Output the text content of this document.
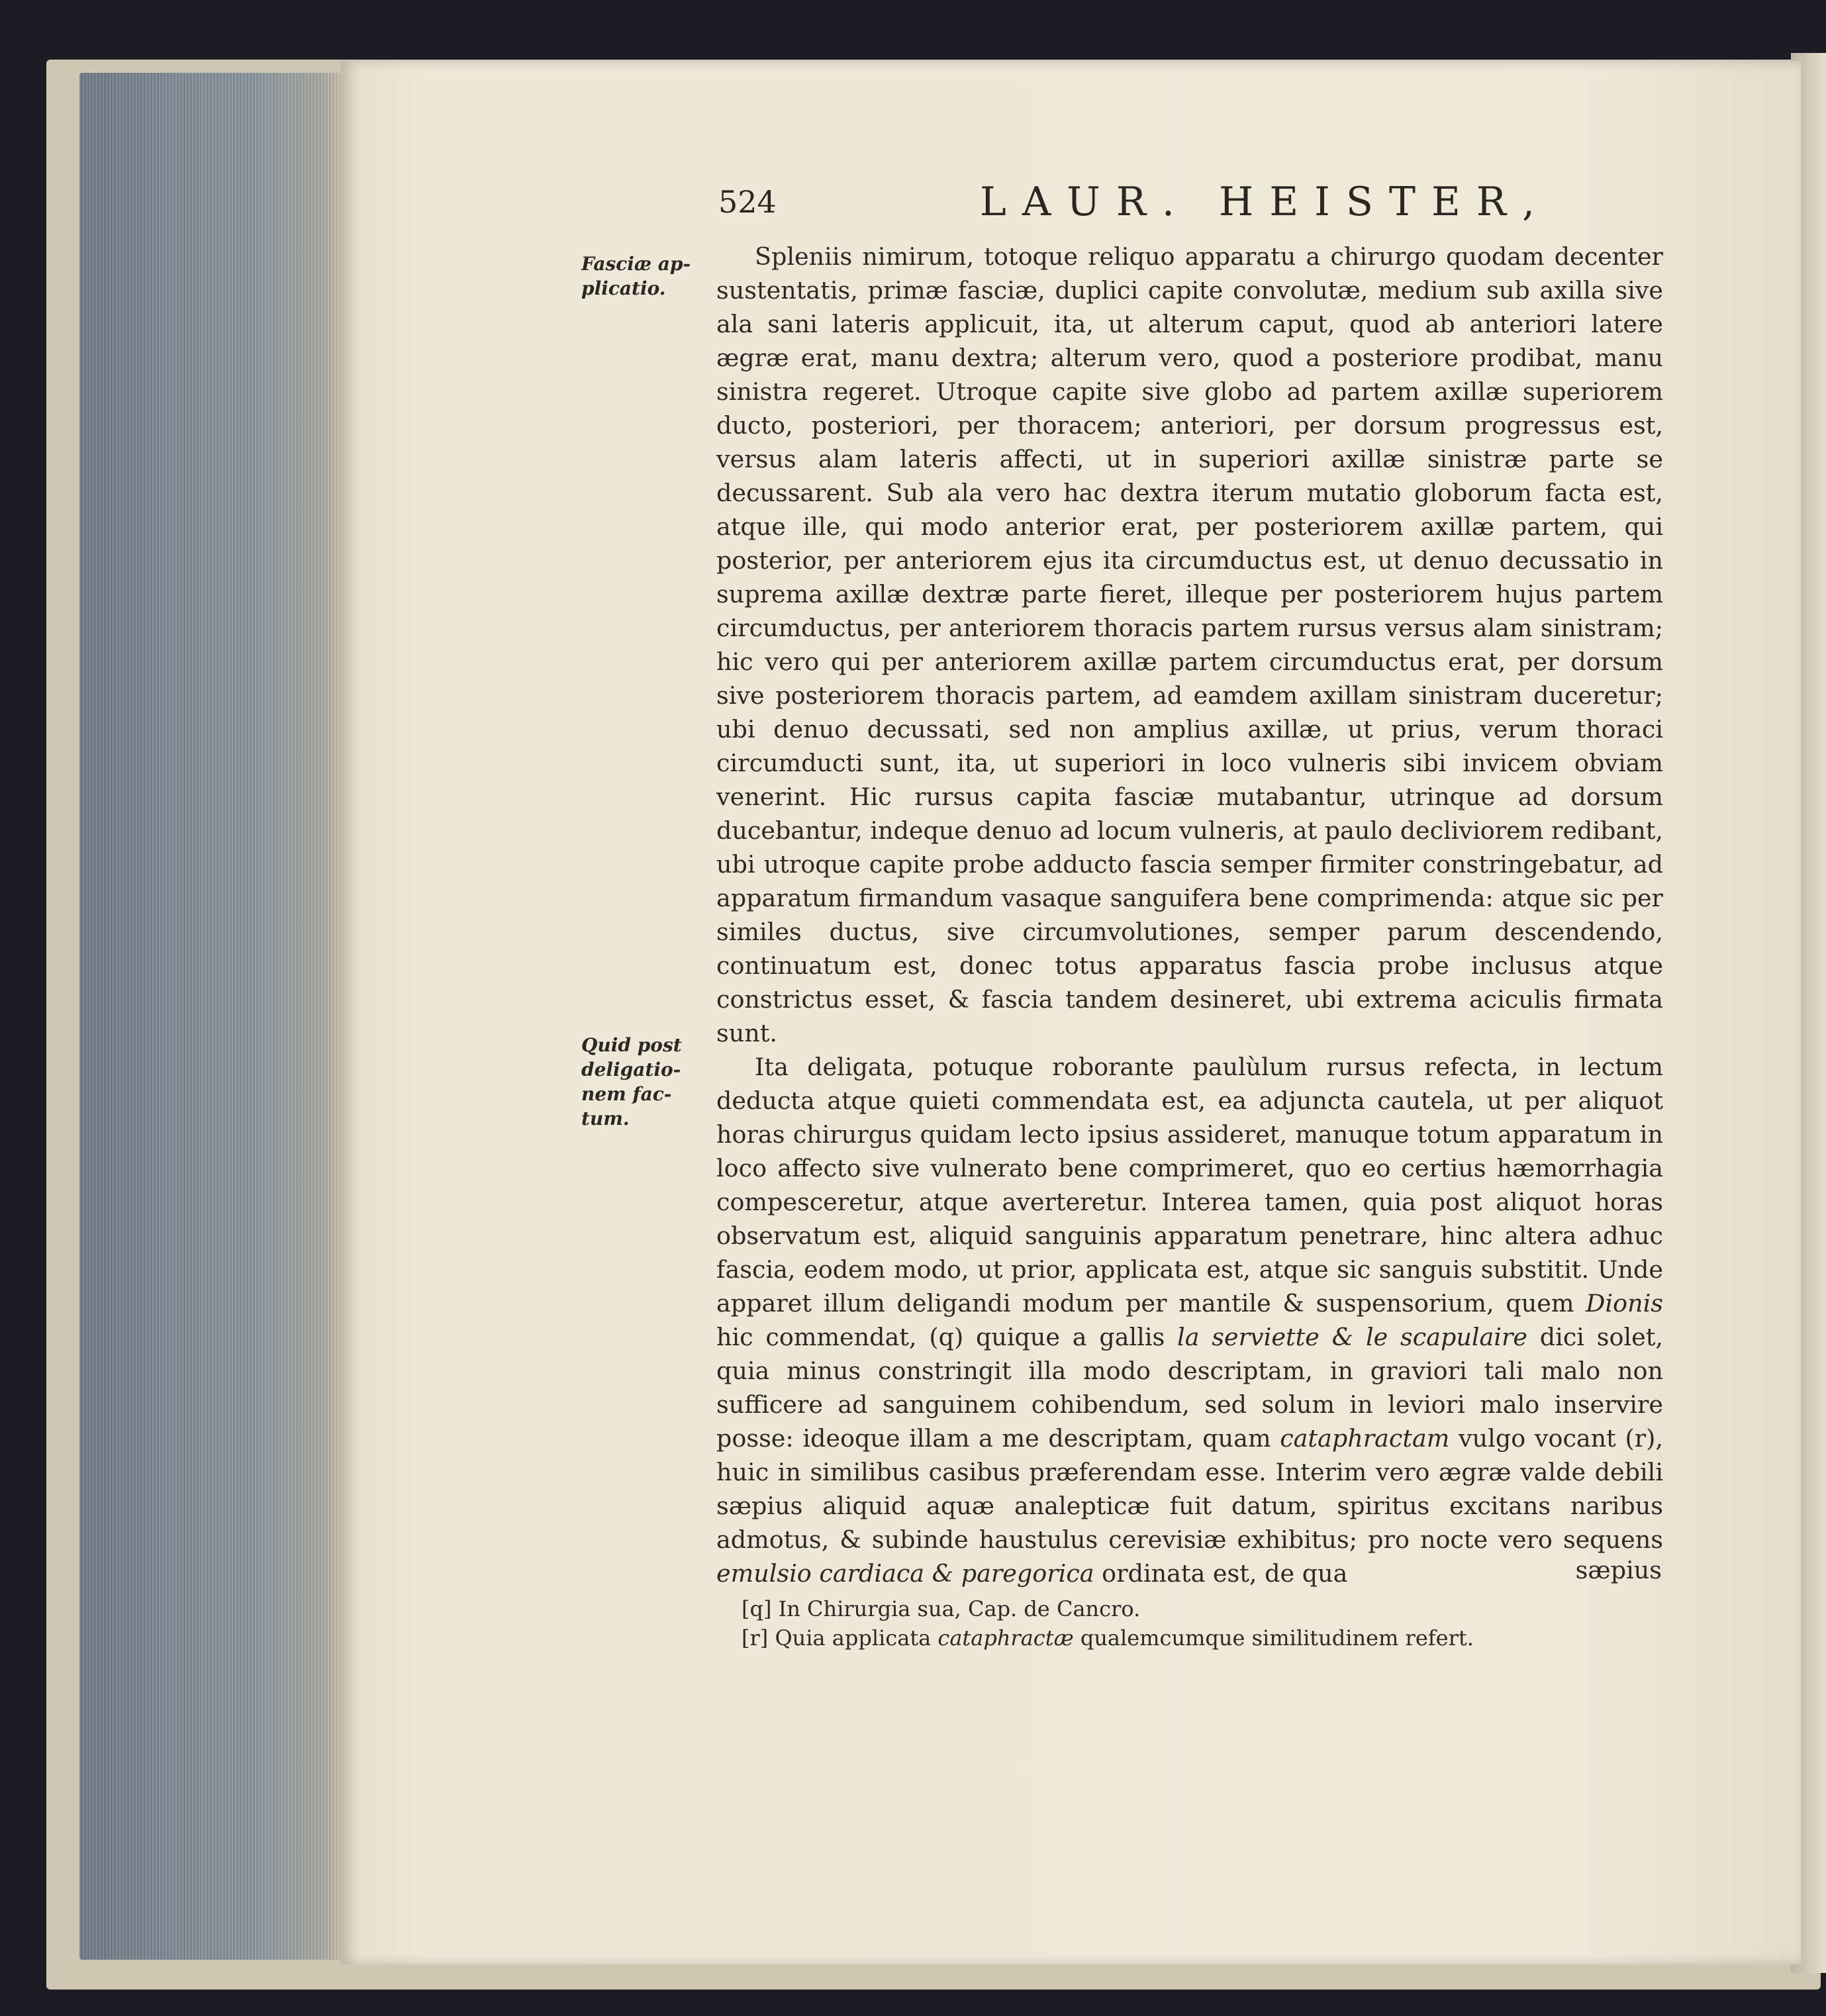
524	LAUR. HEISTER,
Fasciæ ap-
plicatio.
Quid post
deligatio-
nem fac-
tum.

Spleniis nimirum, totoque reliquo apparatu a chirurgo quodam decenter sustentatis, primæ fasciæ, duplici capite convolutæ, medium sub axilla sive ala sani lateris applicuit, ita, ut alterum caput, quod ab anteriori latere ægræ erat, manu dextra; alterum vero, quod a posteriore prodibat, manu sinistra regeret. Utroque capite sive globo ad partem axillæ superiorem ducto, posteriori, per thoracem; anteriori, per dorsum progressus est, versus alam lateris affecti, ut in superiori axillæ sinistræ parte se decussarent. Sub ala vero hac dextra iterum mutatio globorum facta est, atque ille, qui modo anterior erat, per posteriorem axillæ partem, qui posterior, per anteriorem ejus ita circumductus est, ut denuo decussatio in suprema axillæ dextræ parte fieret, illeque per posteriorem hujus partem circumductus, per anteriorem thoracis partem rursus versus alam sinistram; hic vero qui per anteriorem axillæ partem circumductus erat, per dorsum sive posteriorem thoracis partem, ad eamdem axillam sinistram duceretur; ubi denuo decussati, sed non amplius axillæ, ut prius, verum thoraci circumducti sunt, ita, ut superiori in loco vulneris sibi invicem obviam venerint. Hic rursus capita fasciæ mutabantur, utrinque ad dorsum ducebantur, indeque denuo ad locum vulneris, at paulo decliviorem redibant, ubi utroque capite probe adducto fascia semper firmiter constringebatur, ad apparatum firmandum vasaque sanguifera bene comprimenda: atque sic per similes ductus, sive circumvolutiones, semper parum descendendo, continuatum est, donec totus apparatus fascia probe inclusus atque constrictus esset, & fascia tandem desineret, ubi extrema aciculis firmata sunt.

Ita deligata, potuque roborante paulùlum rursus refecta, in lectum deducta atque quieti commendata est, ea adjuncta cautela, ut per aliquot horas chirurgus quidam lecto ipsius assideret, manuque totum apparatum in loco affecto sive vulnerato bene comprimeret, quo eo certius hæmorrhagia compesceretur, atque averteretur. Interea tamen, quia post aliquot horas observatum est, aliquid sanguinis apparatum penetrare, hinc altera adhuc fascia, eodem modo, ut prior, applicata est, atque sic sanguis substitit. Unde apparet illum deligandi modum per mantile & suspensorium, quem Dionis hic commendat, (q) quique a gallis la serviette & le scapulaire dici solet, quia minus constringit illa modo descriptam, in graviori tali malo non sufficere ad sanguinem cohibendum, sed solum in leviori malo inservire posse: ideoque illam a me descriptam, quam cataphractam vulgo vocant (r), huic in similibus casibus præferendam esse. Interim vero ægræ valde debili sæpius aliquid aquæ analepticæ fuit datum, spiritus excitans naribus admotus, & subinde haustulus cerevisiæ exhibitus; pro nocte vero sequens emulsio cardiaca & paregorica ordinata est, de qua	sæpius
[q] In Chirurgia sua, Cap. de Cancro.
[r] Quia applicata cataphractæ qualemcumque similitudinem refert.
